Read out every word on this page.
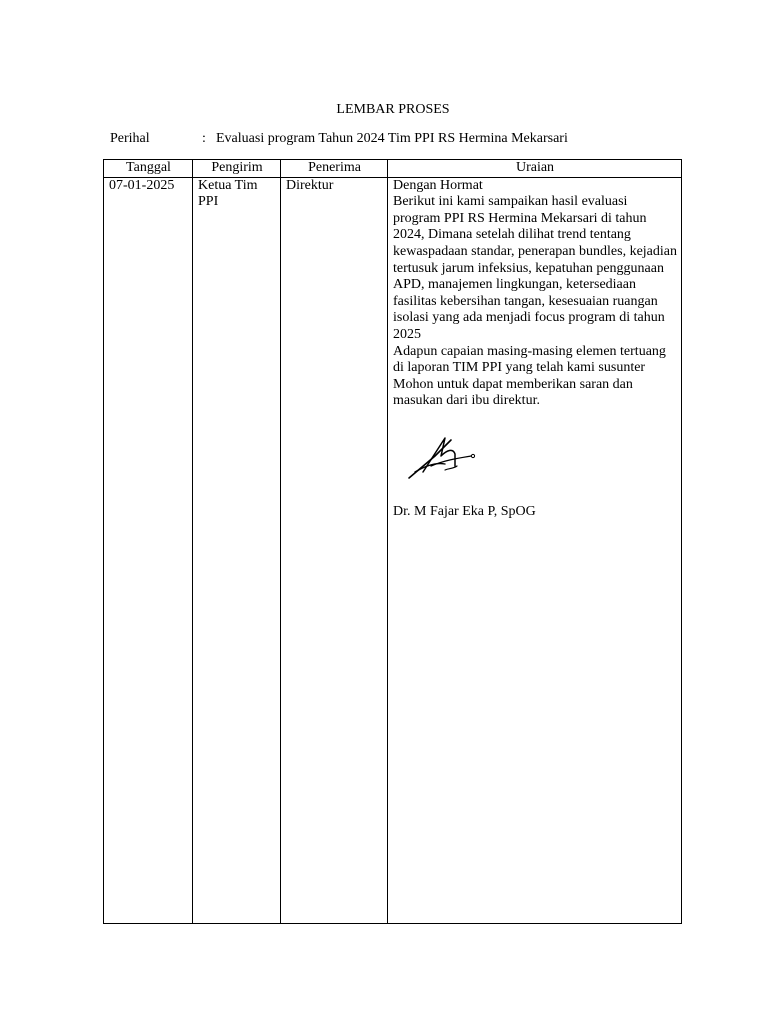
LEMBAR PROSES
Perihal	: Evaluasi program Tahun 2024 Tim PPI RS Hermina Mekarsari
Tanggal	Pengirim	Penerima	Uraian
07-01-2025	Ketua Tim PPI	Direktur	Dengan Hormat
Berikut ini kami sampaikan hasil evaluasi program PPI RS Hermina Mekarsari di tahun 2024, Dimana setelah dilihat trend tentang kewaspadaan standar, penerapan bundles, kejadian tertusuk jarum infeksius, kepatuhan penggunaan APD, manajemen lingkungan, ketersediaan fasilitas kebersihan tangan, kesesuaian ruangan isolasi yang ada menjadi focus program di tahun 2025
Adapun capaian masing-masing elemen tertuang di laporan TIM PPI yang telah kami susunter
Mohon untuk dapat memberikan saran dan masukan dari ibu direktur.
Dr. M Fajar Eka P, SpOG
